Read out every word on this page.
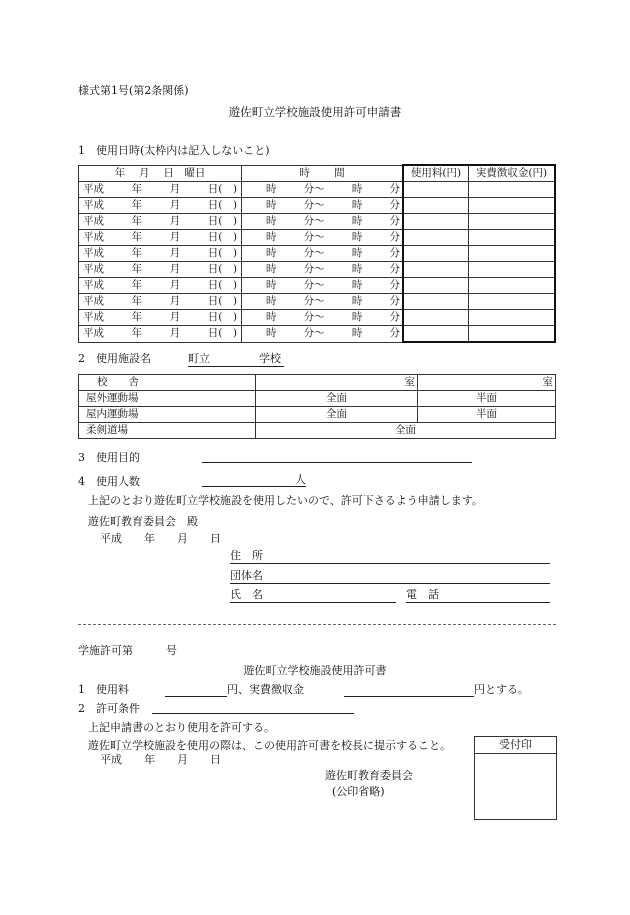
様式第1号(第2条関係)
遊佐町立学校施設使用許可申請書
1　使用日時(太枠内は記入しないこと)
年　 月　 日　曜日	時　　 間	使用料(円)	実費徴収金(円)

平成 年 月 日(　)	時 分〜 時 分		

平成 年 月 日(　)	時 分〜 時 分		

平成 年 月 日(　)	時 分〜 時 分		

平成 年 月 日(　)	時 分〜 時 分		

平成 年 月 日(　)	時 分〜 時 分		

平成 年 月 日(　)	時 分〜 時 分		

平成 年 月 日(　)	時 分〜 時 分		

平成 年 月 日(　)	時 分〜 時 分		

平成 年 月 日(　)	時 分〜 時 分		

平成 年 月 日(　)	時 分〜 時 分		

2　使用施設名	町立	学校
校　　舎	室	室
屋外運動場	全面	半面
屋内運動場	全面	半面
柔剣道場	全面	
3　使用目的
4　使用人数	人
上記のとおり遊佐町立学校施設を使用したいので、許可下さるよう申請します。
遊佐町教育委員会　殿
平成　　年　　月　　日
住　所
団体名
氏　名	電　話
学施許可第　　　号
遊佐町立学校施設使用許可書
1　使用料	円、実費徴収金	円とする。
2　許可条件
上記申請書のとおり使用を許可する。
遊佐町立学校施設を使用の際は、この使用許可書を校長に提示すること。
平成　　年　　月　　日
遊佐町教育委員会
(公印省略)
受付印
